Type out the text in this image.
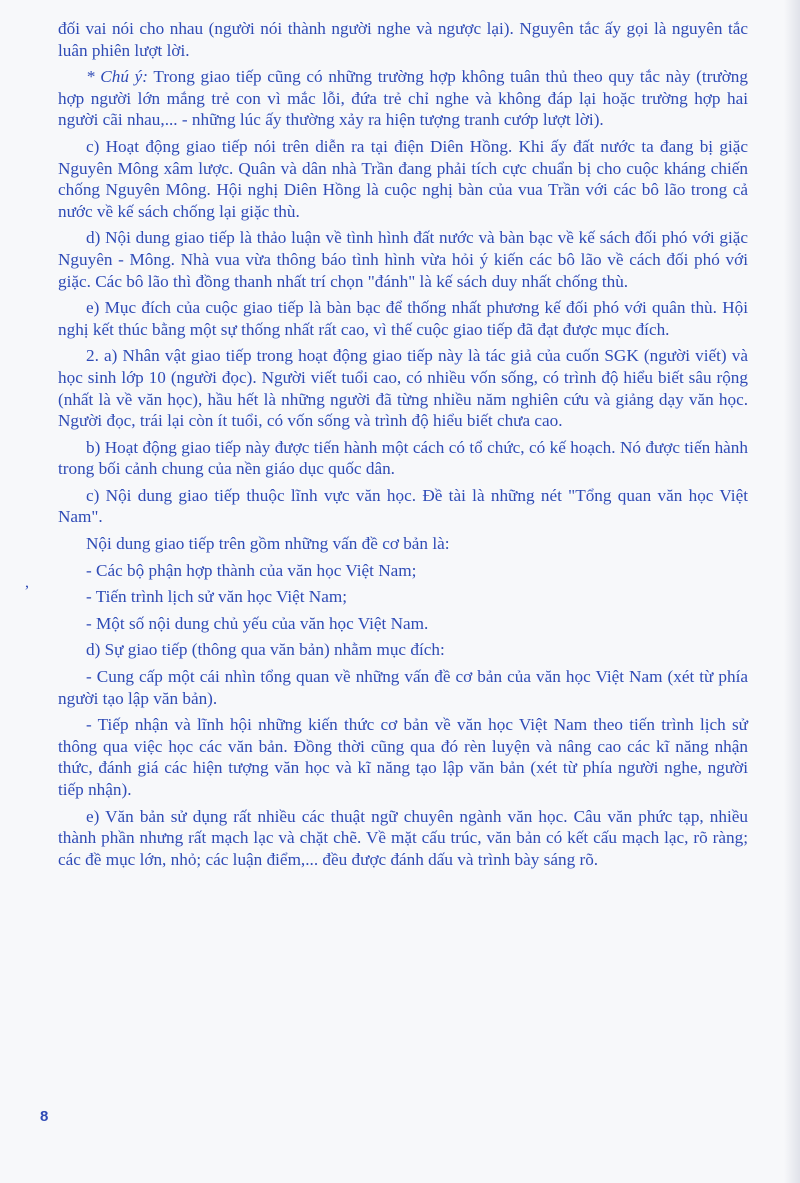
đối vai nói cho nhau (người nói thành người nghe và ngược lại). Nguyên tắc ấy gọi là nguyên tắc luân phiên lượt lời.

* Chú ý: Trong giao tiếp cũng có những trường hợp không tuân thủ theo quy tắc này (trường hợp người lớn mắng trẻ con vì mắc lỗi, đứa trẻ chỉ nghe và không đáp lại hoặc trường hợp hai người cãi nhau,... - những lúc ấy thường xảy ra hiện tượng tranh cướp lượt lời).

c) Hoạt động giao tiếp nói trên diễn ra tại điện Diên Hồng. Khi ấy đất nước ta đang bị giặc Nguyên Mông xâm lược. Quân và dân nhà Trần đang phải tích cực chuẩn bị cho cuộc kháng chiến chống Nguyên Mông. Hội nghị Diên Hồng là cuộc nghị bàn của vua Trần với các bô lão trong cả nước về kế sách chống lại giặc thù.

d) Nội dung giao tiếp là thảo luận về tình hình đất nước và bàn bạc về kế sách đối phó với giặc Nguyên - Mông. Nhà vua vừa thông báo tình hình vừa hỏi ý kiến các bô lão về cách đối phó với giặc. Các bô lão thì đồng thanh nhất trí chọn "đánh" là kế sách duy nhất chống thù.

e) Mục đích của cuộc giao tiếp là bàn bạc để thống nhất phương kế đối phó với quân thù. Hội nghị kết thúc bằng một sự thống nhất rất cao, vì thế cuộc giao tiếp đã đạt được mục đích.

2. a) Nhân vật giao tiếp trong hoạt động giao tiếp này là tác giả của cuốn SGK (người viết) và học sinh lớp 10 (người đọc). Người viết tuổi cao, có nhiều vốn sống, có trình độ hiểu biết sâu rộng (nhất là về văn học), hầu hết là những người đã từng nhiều năm nghiên cứu và giảng dạy văn học. Người đọc, trái lại còn ít tuổi, có vốn sống và trình độ hiểu biết chưa cao.

b) Hoạt động giao tiếp này được tiến hành một cách có tổ chức, có kế hoạch. Nó được tiến hành trong bối cảnh chung của nền giáo dục quốc dân.

c) Nội dung giao tiếp thuộc lĩnh vực văn học. Đề tài là những nét "Tổng quan văn học Việt Nam".

Nội dung giao tiếp trên gồm những vấn đề cơ bản là:

- Các bộ phận hợp thành của văn học Việt Nam;

- Tiến trình lịch sử văn học Việt Nam;

- Một số nội dung chủ yếu của văn học Việt Nam.

d) Sự giao tiếp (thông qua văn bản) nhằm mục đích:

- Cung cấp một cái nhìn tổng quan về những vấn đề cơ bản của văn học Việt Nam (xét từ phía người tạo lập văn bản).

- Tiếp nhận và lĩnh hội những kiến thức cơ bản về văn học Việt Nam theo tiến trình lịch sử thông qua việc học các văn bản. Đồng thời cũng qua đó rèn luyện và nâng cao các kĩ năng nhận thức, đánh giá các hiện tượng văn học và kĩ năng tạo lập văn bản (xét từ phía người nghe, người tiếp nhận).

e) Văn bản sử dụng rất nhiều các thuật ngữ chuyên ngành văn học. Câu văn phức tạp, nhiều thành phần nhưng rất mạch lạc và chặt chẽ. Về mặt cấu trúc, văn bản có kết cấu mạch lạc, rõ ràng; các đề mục lớn, nhỏ; các luận điểm,... đều được đánh dấu và trình bày sáng rõ.

,
8
